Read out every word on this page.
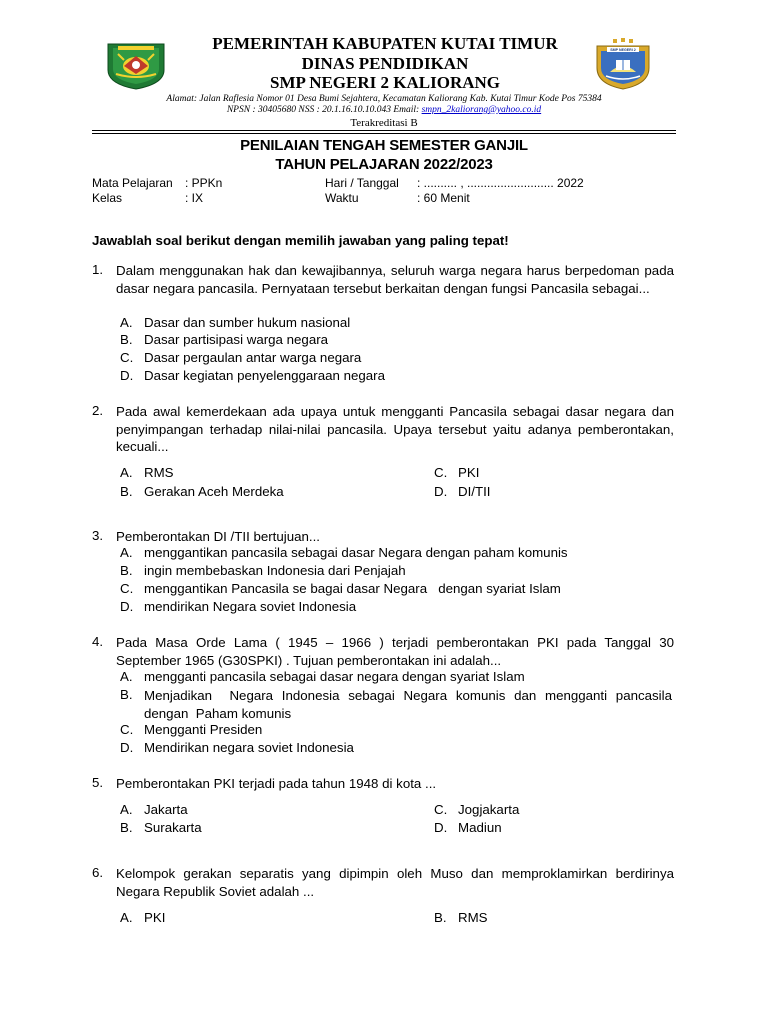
PEMERINTAH KABUPATEN KUTAI TIMUR
DINAS PENDIDIKAN
SMP NEGERI 2 KALIORANG
SMP NEGERI 2
Alamat: Jalan Raflesia Nomor 01 Desa Bumi Sejahtera, Kecamatan Kaliorang Kab. Kutai Timur Kode Pos 75384
NPSN : 30405680 NSS : 20.1.16.10.10.043 Email: smpn_2kaliorang@yahoo.co.id
Terakreditasi B
PENILAIAN TENGAH SEMESTER GANJIL
TAHUN PELAJARAN 2022/2023
Mata Pelajaran : PPKn
Kelas	: IX
Hari / Tanggal : .......... , .......................... 2022
Waktu	: 60 Menit
Jawablah soal berikut dengan memilih jawaban yang paling tepat!
1. Dalam menggunakan hak dan kewajibannya, seluruh warga negara harus berpedoman pada dasar negara pancasila. Pernyataan tersebut berkaitan dengan fungsi Pancasila sebagai...
A. Dasar dan sumber hukum nasional
B. Dasar partisipasi warga negara
C. Dasar pergaulan antar warga negara
D. Dasar kegiatan penyelenggaraan negara
2. Pada awal kemerdekaan ada upaya untuk mengganti Pancasila sebagai dasar negara dan penyimpangan terhadap nilai-nilai pancasila. Upaya tersebut yaitu adanya pemberontakan, kecuali...
A. RMS
B. Gerakan Aceh Merdeka
C. PKI
D. DI/TII
3. Pemberontakan DI /TII bertujuan...
A. menggantikan pancasila sebagai dasar Negara dengan paham komunis
B. ingin membebaskan Indonesia dari Penjajah
C. menggantikan Pancasila se bagai dasar Negara   dengan syariat Islam
D. mendirikan Negara soviet Indonesia
4. Pada Masa Orde Lama ( 1945 – 1966 ) terjadi pemberontakan PKI pada Tanggal 30 September 1965 (G30SPKI) . Tujuan pemberontakan ini adalah...
A. mengganti pancasila sebagai dasar negara dengan syariat Islam
B. Menjadikan  Negara Indonesia sebagai Negara komunis dan mengganti pancasila  dengan  Paham komunis
C. Mengganti Presiden
D. Mendirikan negara soviet Indonesia
5. Pemberontakan PKI terjadi pada tahun 1948 di kota ...
A. Jakarta
B. Surakarta
C. Jogjakarta
D. Madiun
6. Kelompok gerakan separatis yang dipimpin oleh Muso dan memproklamirkan berdirinya Negara Republik Soviet adalah ...
A. PKI	B. RMS
